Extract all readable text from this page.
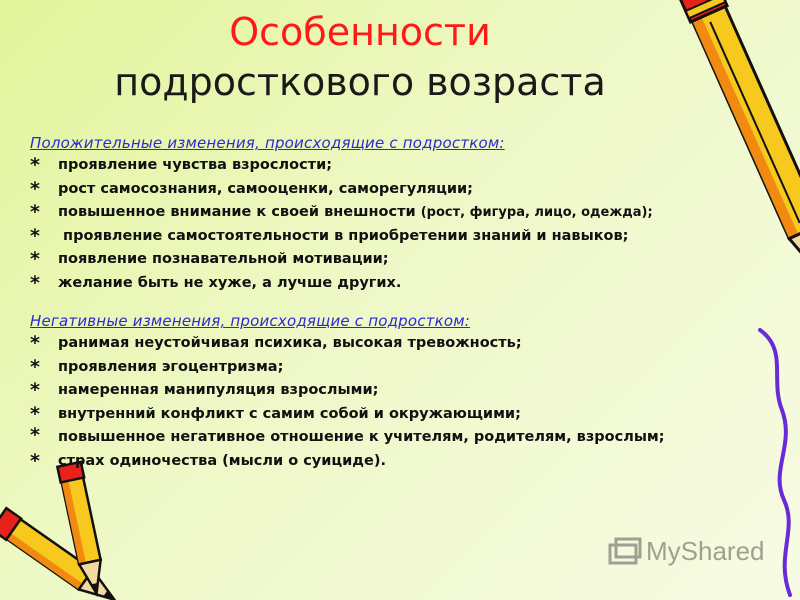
Особенности
подросткового возраста

Положительные изменения, происходящие с подростком:

* проявление чувства взрослости;
* рост самосознания, самооценки, саморегуляции;
* повышенное внимание к своей внешности (рост, фигура, лицо, одежда);
* проявление самостоятельности в приобретении знаний и навыков;
* появление познавательной мотивации;
* желание быть не хуже, а лучше других.

Негативные изменения, происходящие с подростком:

* ранимая неустойчивая психика, высокая тревожность;
* проявления эгоцентризма;
* намеренная манипуляция взрослыми;
* внутренний конфликт с самим собой и окружающими;
* повышенное негативное отношение к учителям, родителям, взрослым;
* страх одиночества (мысли о суициде).
MyShared
